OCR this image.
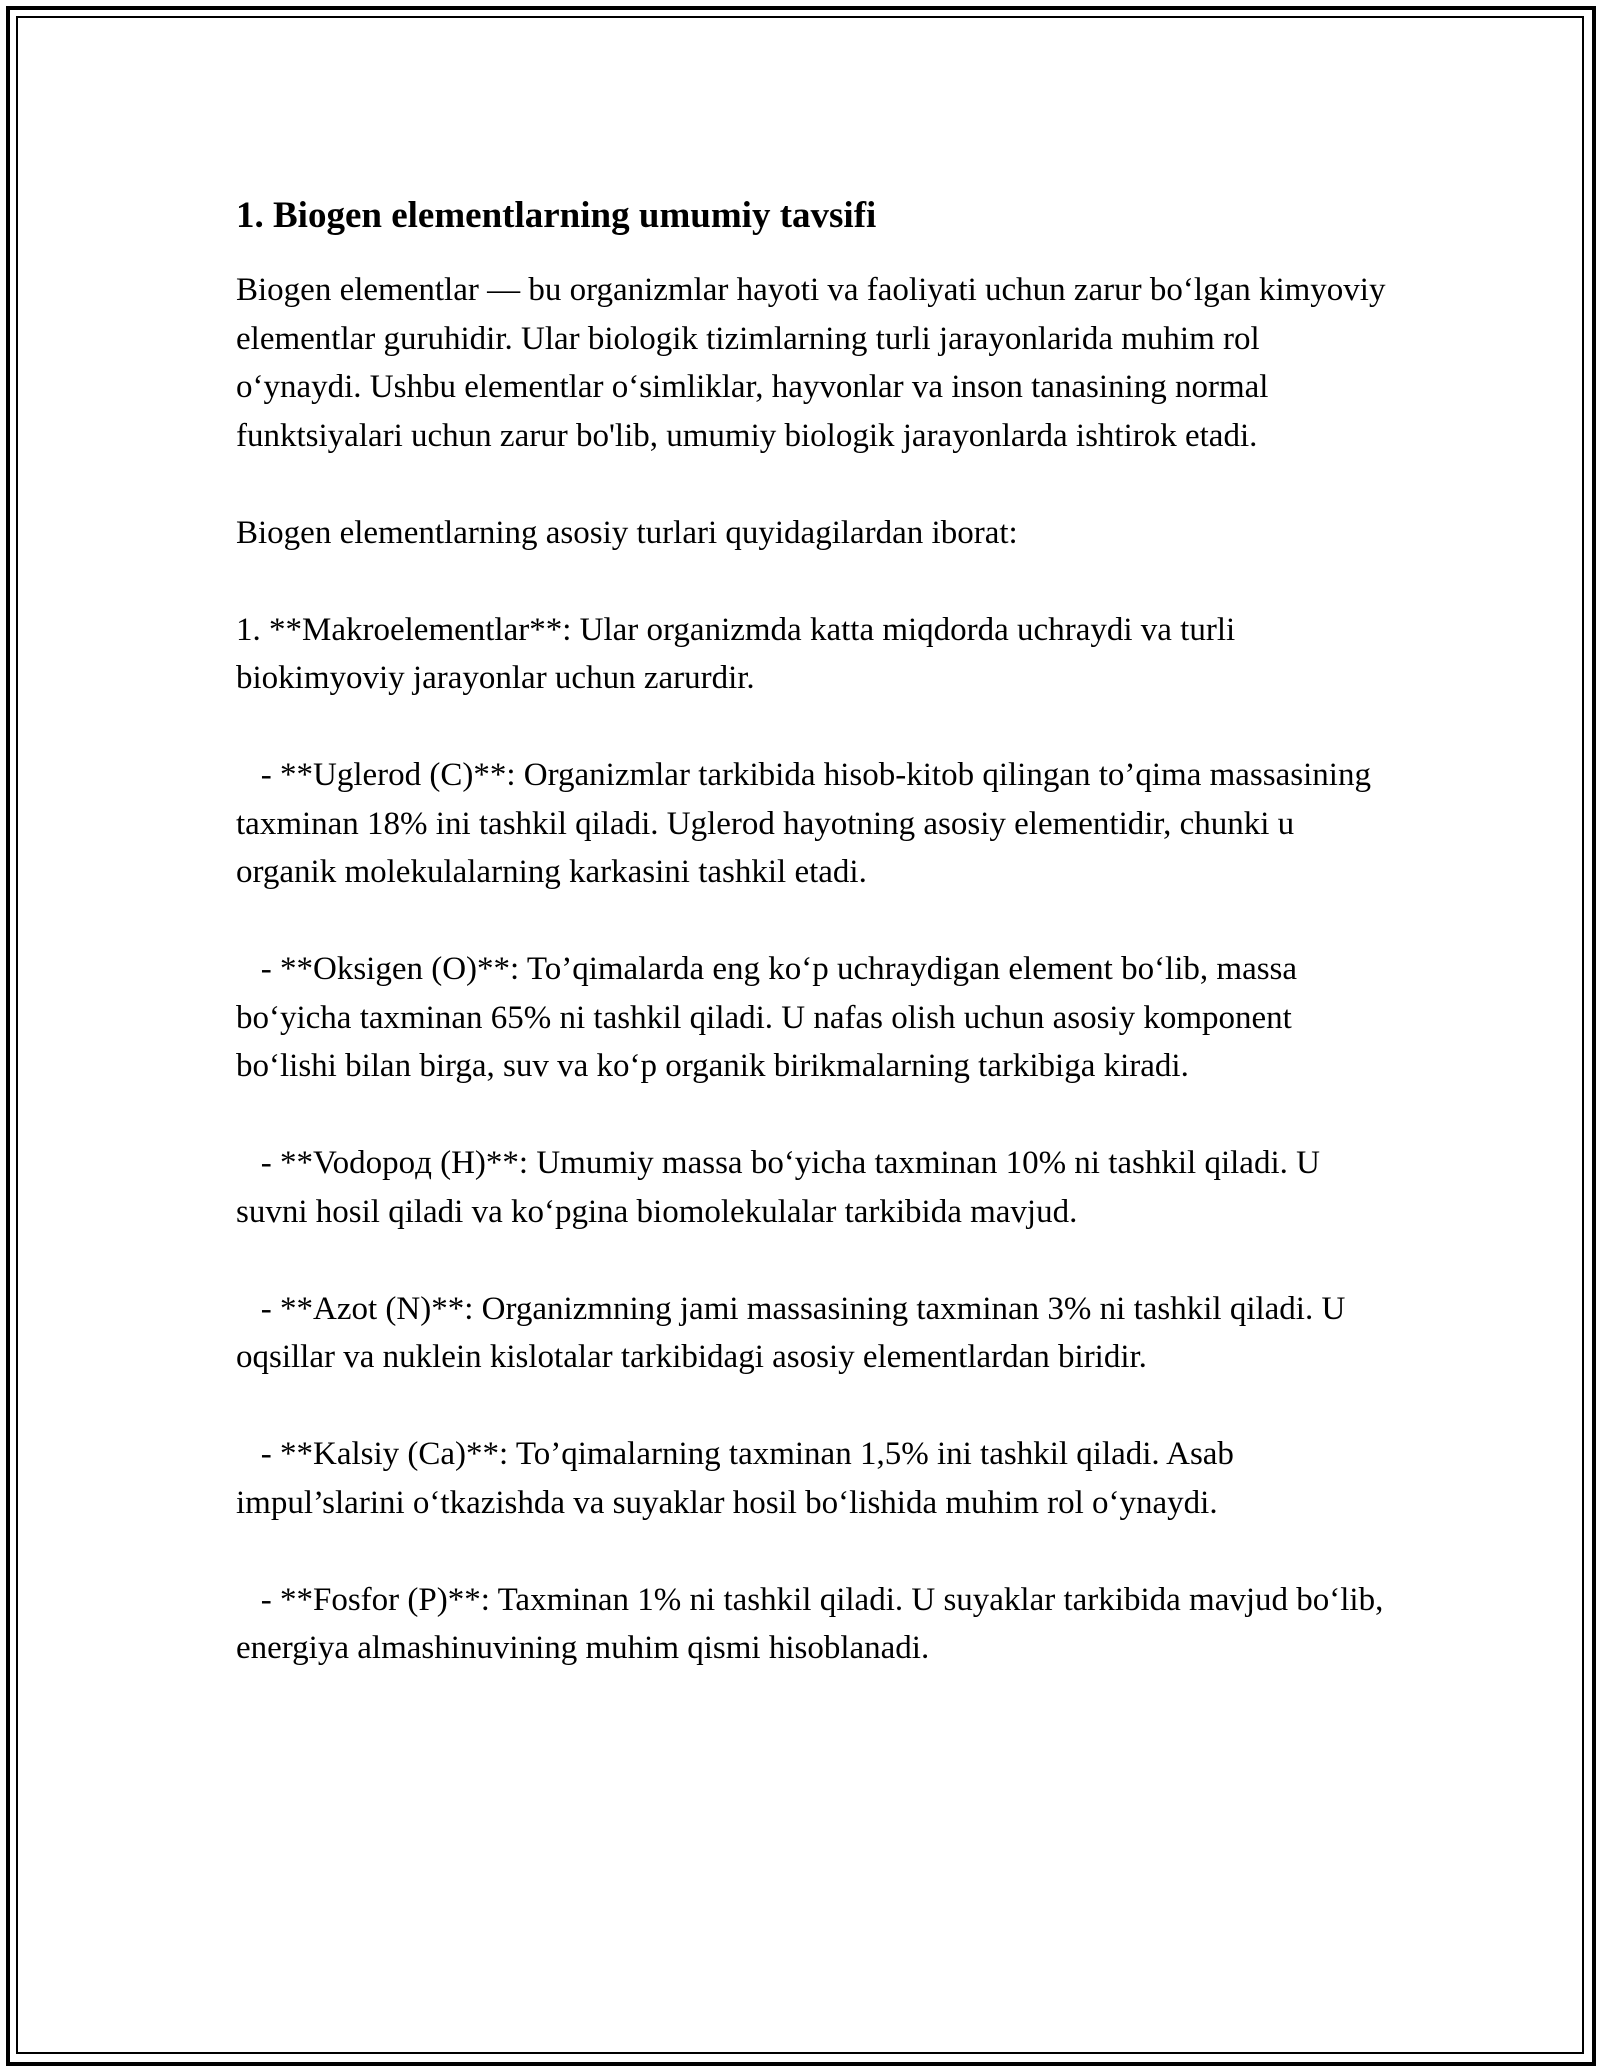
1. Biogen elementlarning umumiy tavsifi

Biogen elementlar — bu organizmlar hayoti va faoliyati uchun zarur bo‘lgan kimyoviy elementlar guruhidir. Ular biologik tizimlarning turli jarayonlarida muhim rol o‘ynaydi. Ushbu elementlar o‘simliklar, hayvonlar va inson tanasining normal funktsiyalari uchun zarur bo'lib, umumiy biologik jarayonlarda ishtirok etadi.

Biogen elementlarning asosiy turlari quyidagilardan iborat:

1. **Makroelementlar**: Ular organizmda katta miqdorda uchraydi va turli biokimyoviy jarayonlar uchun zarurdir.

- **Uglerod (C)**: Organizmlar tarkibida hisob-kitob qilingan to’qima massasining taxminan 18% ini tashkil qiladi. Uglerod hayotning asosiy elementidir, chunki u organik molekulalarning karkasini tashkil etadi.

- **Oksigen (O)**: To’qimalarda eng ko‘p uchraydigan element bo‘lib, massa bo‘yicha taxminan 65% ni tashkil qiladi. U nafas olish uchun asosiy komponent bo‘lishi bilan birga, suv va ko‘p organik birikmalarning tarkibiga kiradi.

- **Vodopoд (H)**: Umumiy massa bo‘yicha taxminan 10% ni tashkil qiladi. U suvni hosil qiladi va ko‘pgina biomolekulalar tarkibida mavjud.

- **Azot (N)**: Organizmning jami massasining taxminan 3% ni tashkil qiladi. U oqsillar va nuklein kislotalar tarkibidagi asosiy elementlardan biridir.

- **Kalsiy (Ca)**: To’qimalarning taxminan 1,5% ini tashkil qiladi. Asab impul’slarini o‘tkazishda va suyaklar hosil bo‘lishida muhim rol o‘ynaydi.

- **Fosfor (P)**: Taxminan 1% ni tashkil qiladi. U suyaklar tarkibida mavjud bo‘lib, energiya almashinuvining muhim qismi hisoblanadi.
